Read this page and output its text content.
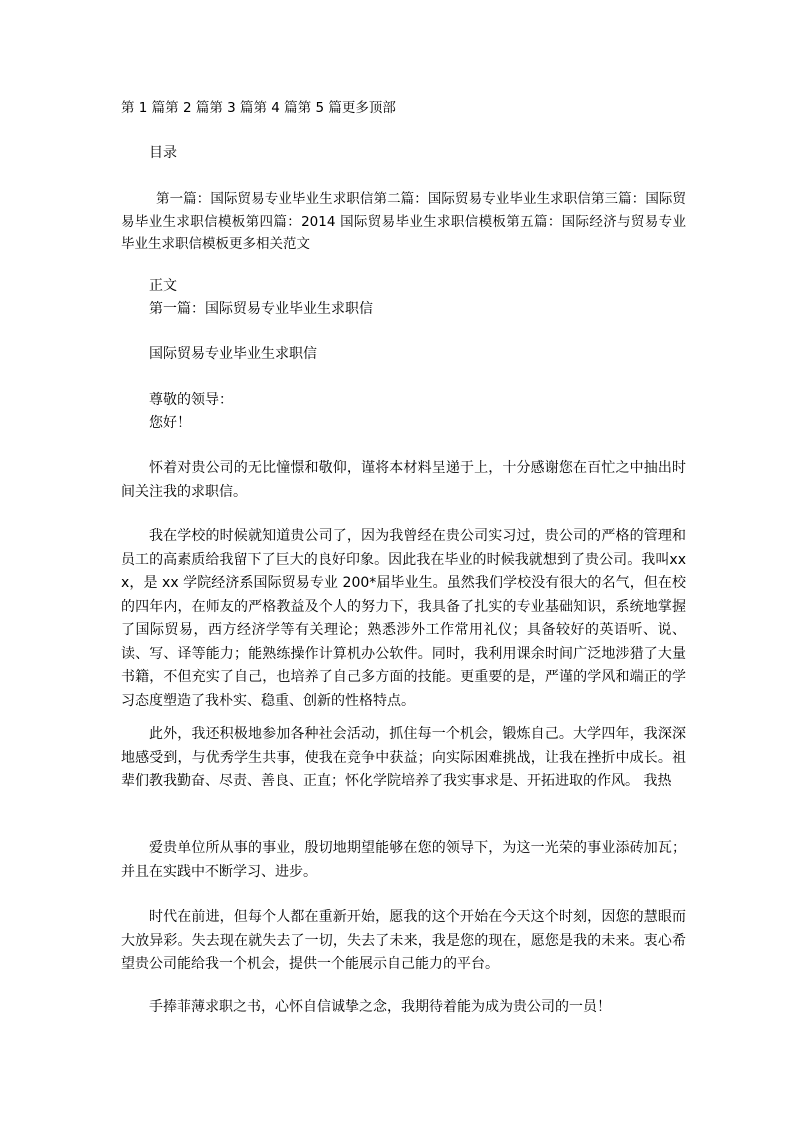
第 1 篇第 2 篇第 3 篇第 4 篇第 5 篇更多顶部
目录
第一篇：国际贸易专业毕业生求职信第二篇：国际贸易专业毕业生求职信第三篇：国际贸易毕业生求职信模板第四篇：2014 国际贸易毕业生求职信模板第五篇：国际经济与贸易专业毕业生求职信模板更多相关范文
正文
第一篇：国际贸易专业毕业生求职信
国际贸易专业毕业生求职信
尊敬的领导：
您好！
怀着对贵公司的无比憧憬和敬仰，谨将本材料呈递于上，十分感谢您在百忙之中抽出时间关注我的求职信。
我在学校的时候就知道贵公司了，因为我曾经在贵公司实习过，贵公司的严格的管理和员工的高素质给我留下了巨大的良好印象。因此我在毕业的时候我就想到了贵公司。我叫xxx，是 xx 学院经济系国际贸易专业 200*届毕业生。虽然我们学校没有很大的名气，但在校的四年内，在师友的严格教益及个人的努力下，我具备了扎实的专业基础知识，系统地掌握了国际贸易，西方经济学等有关理论；熟悉涉外工作常用礼仪；具备较好的英语听、说、读、写、译等能力；能熟练操作计算机办公软件。同时，我利用课余时间广泛地涉猎了大量书籍，不但充实了自己，也培养了自己多方面的技能。更重要的是，严谨的学风和端正的学习态度塑造了我朴实、稳重、创新的性格特点。
此外，我还积极地参加各种社会活动，抓住每一个机会，锻炼自己。大学四年，我深深地感受到，与优秀学生共事，使我在竞争中获益；向实际困难挑战，让我在挫折中成长。祖辈们教我勤奋、尽责、善良、正直；怀化学院培养了我实事求是、开拓进取的作风。 我热
爱贵单位所从事的事业，殷切地期望能够在您的领导下，为这一光荣的事业添砖加瓦；并且在实践中不断学习、进步。
时代在前进，但每个人都在重新开始，愿我的这个开始在今天这个时刻，因您的慧眼而大放异彩。失去现在就失去了一切，失去了未来，我是您的现在，愿您是我的未来。衷心希望贵公司能给我一个机会，提供一个能展示自己能力的平台。
手捧菲薄求职之书，心怀自信诚挚之念，我期待着能为成为贵公司的一员！
